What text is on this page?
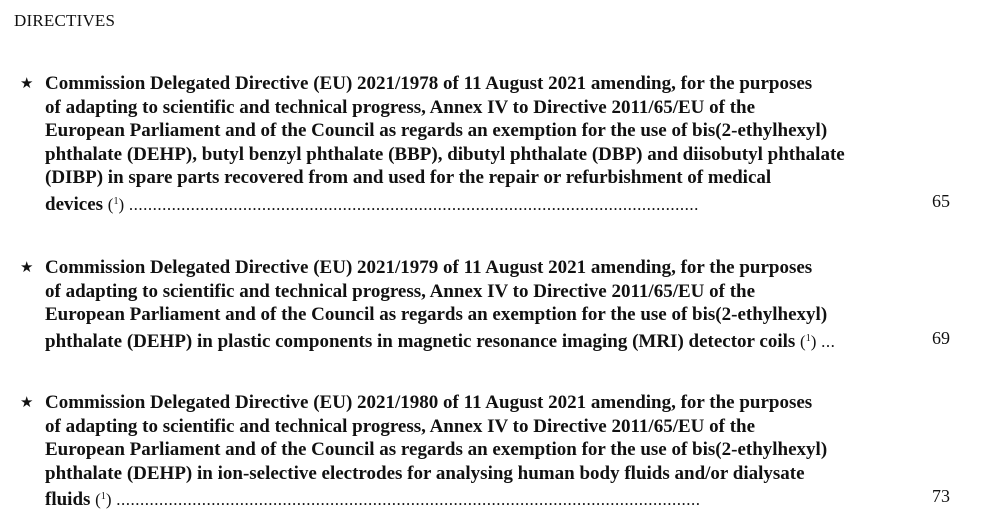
DIRECTIVES
★ Commission Delegated Directive (EU) 2021/1978 of 11 August 2021 amending, for the purposes
of adapting to scientific and technical progress, Annex IV to Directive 2011/65/EU of the
European Parliament and of the Council as regards an exemption for the use of bis(2-ethylhexyl)
phthalate (DEHP), butyl benzyl phthalate (BBP), dibutyl phthalate (DBP) and diisobutyl phthalate
(DIBP) in spare parts recovered from and used for the repair or refurbishment of medical
devices ($^1$) ........................................................................................................................	65
★ Commission Delegated Directive (EU) 2021/1979 of 11 August 2021 amending, for the purposes
of adapting to scientific and technical progress, Annex IV to Directive 2011/65/EU of the
European Parliament and of the Council as regards an exemption for the use of bis(2-ethylhexyl)
phthalate (DEHP) in plastic components in magnetic resonance imaging (MRI) detector coils ($^1$) ...	69
★ Commission Delegated Directive (EU) 2021/1980 of 11 August 2021 amending, for the purposes
of adapting to scientific and technical progress, Annex IV to Directive 2011/65/EU of the
European Parliament and of the Council as regards an exemption for the use of bis(2-ethylhexyl)
phthalate (DEHP) in ion-selective electrodes for analysing human body fluids and/or dialysate
fluids ($^1$) ...........................................................................................................................	73
